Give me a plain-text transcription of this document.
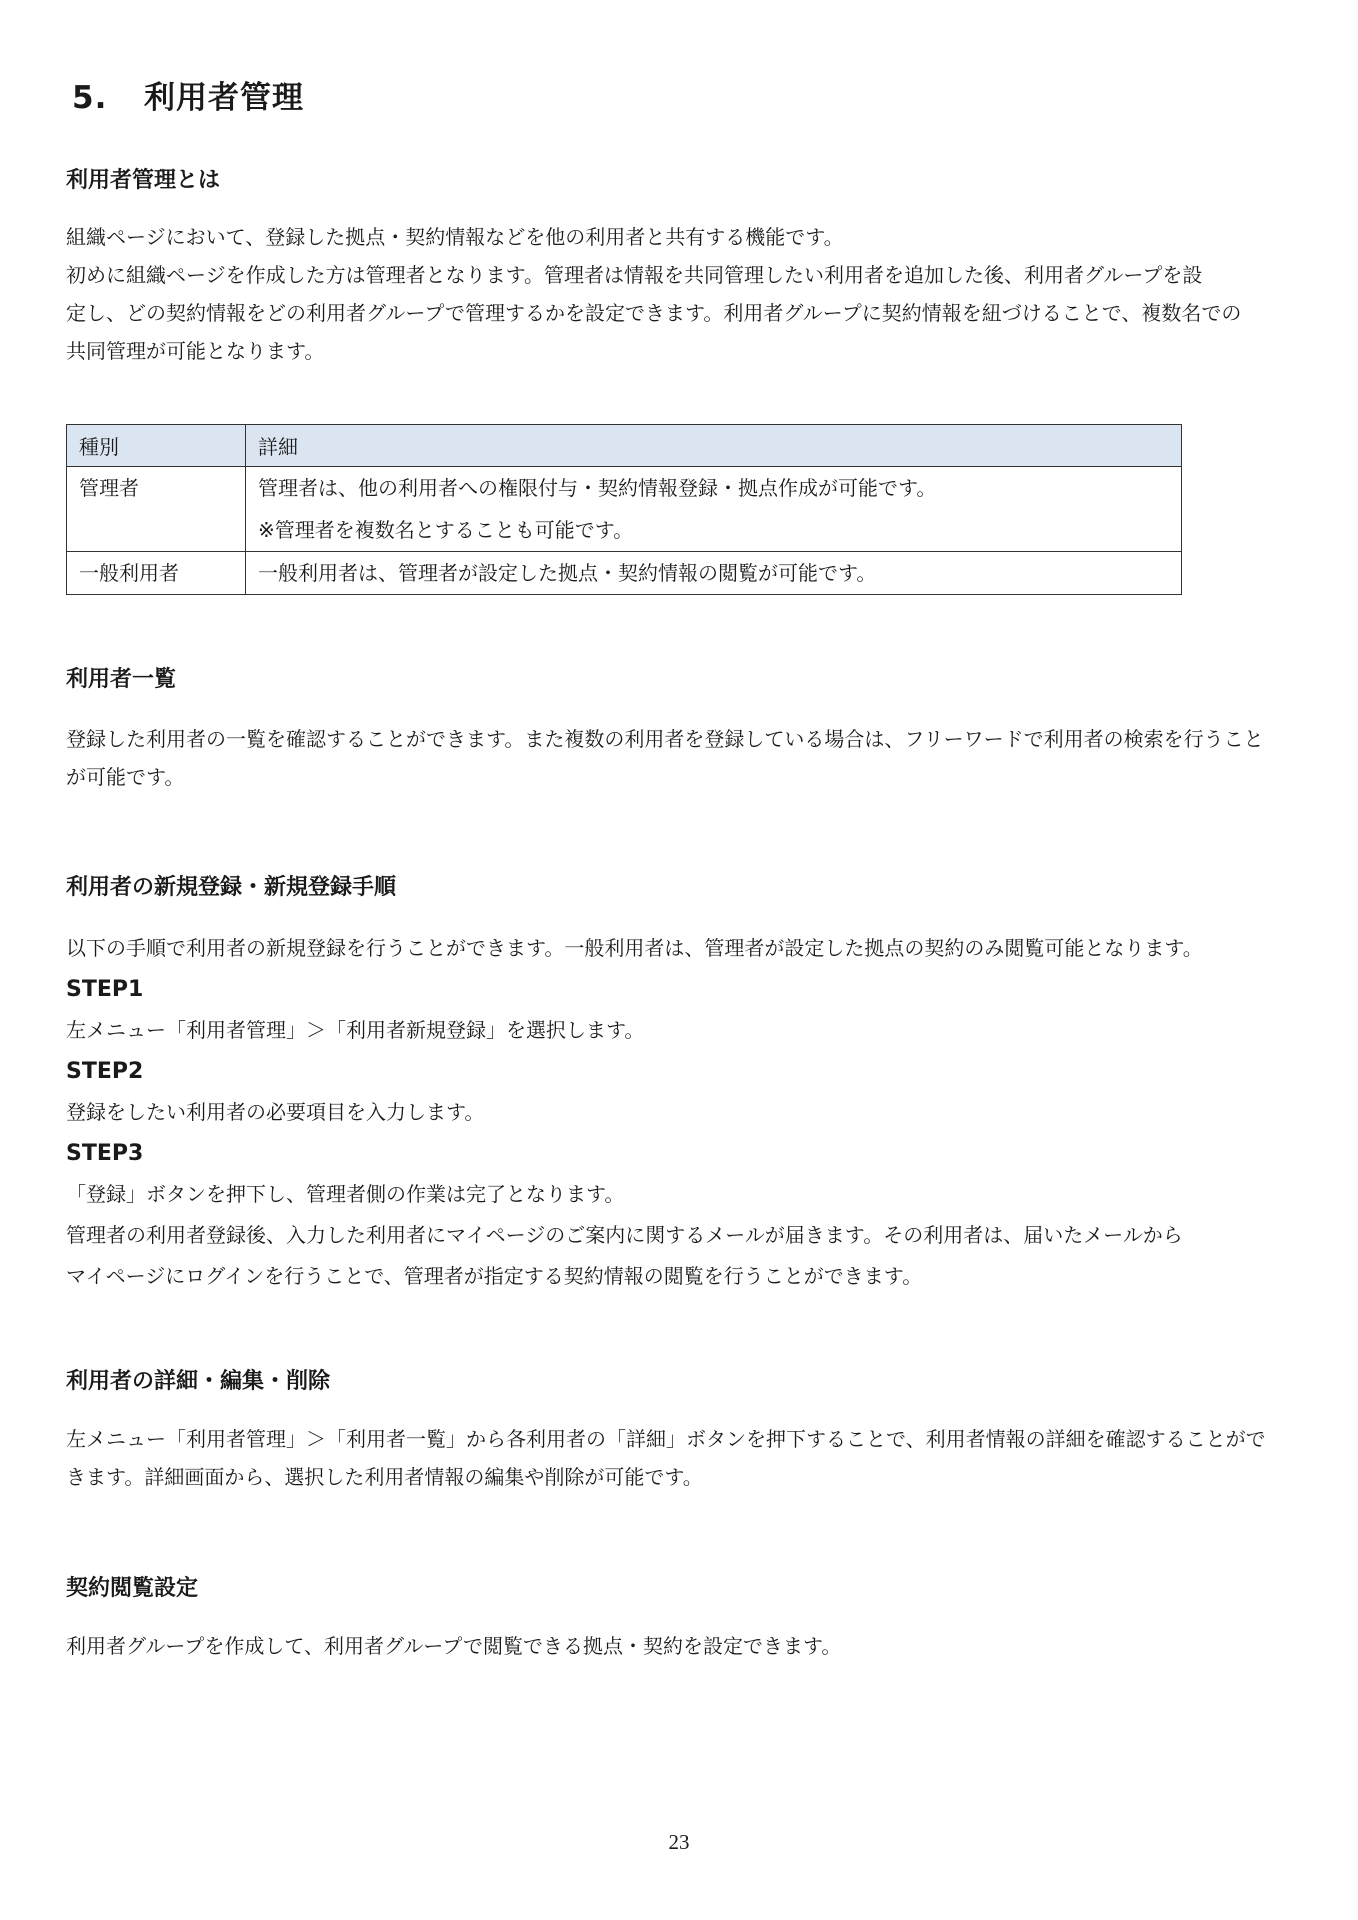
5. 利用者管理
利用者管理とは
組織ページにおいて、登録した拠点・契約情報などを他の利用者と共有する機能です。
初めに組織ページを作成した方は管理者となります。管理者は情報を共同管理したい利用者を追加した後、利用者グループを設
定し、どの契約情報をどの利用者グループで管理するかを設定できます。利用者グループに契約情報を紐づけることで、複数名での
共同管理が可能となります。
種別	詳細
管理者	管理者は、他の利用者への権限付与・契約情報登録・拠点作成が可能です。
※管理者を複数名とすることも可能です。

一般利用者	一般利用者は、管理者が設定した拠点・契約情報の閲覧が可能です。
利用者一覧
登録した利用者の一覧を確認することができます。また複数の利用者を登録している場合は、フリーワードで利用者の検索を行うこと
が可能です。
利用者の新規登録・新規登録手順
以下の手順で利用者の新規登録を行うことができます。一般利用者は、管理者が設定した拠点の契約のみ閲覧可能となります。
STEP1
左メニュー「利用者管理」＞「利用者新規登録」を選択します。
STEP2
登録をしたい利用者の必要項目を入力します。
STEP3
「登録」ボタンを押下し、管理者側の作業は完了となります。
管理者の利用者登録後、入力した利用者にマイページのご案内に関するメールが届きます。その利用者は、届いたメールから
マイページにログインを行うことで、管理者が指定する契約情報の閲覧を行うことができます。
利用者の詳細・編集・削除
左メニュー「利用者管理」＞「利用者一覧」から各利用者の「詳細」ボタンを押下することで、利用者情報の詳細を確認することがで
きます。詳細画面から、選択した利用者情報の編集や削除が可能です。
契約閲覧設定
利用者グループを作成して、利用者グループで閲覧できる拠点・契約を設定できます。
23
